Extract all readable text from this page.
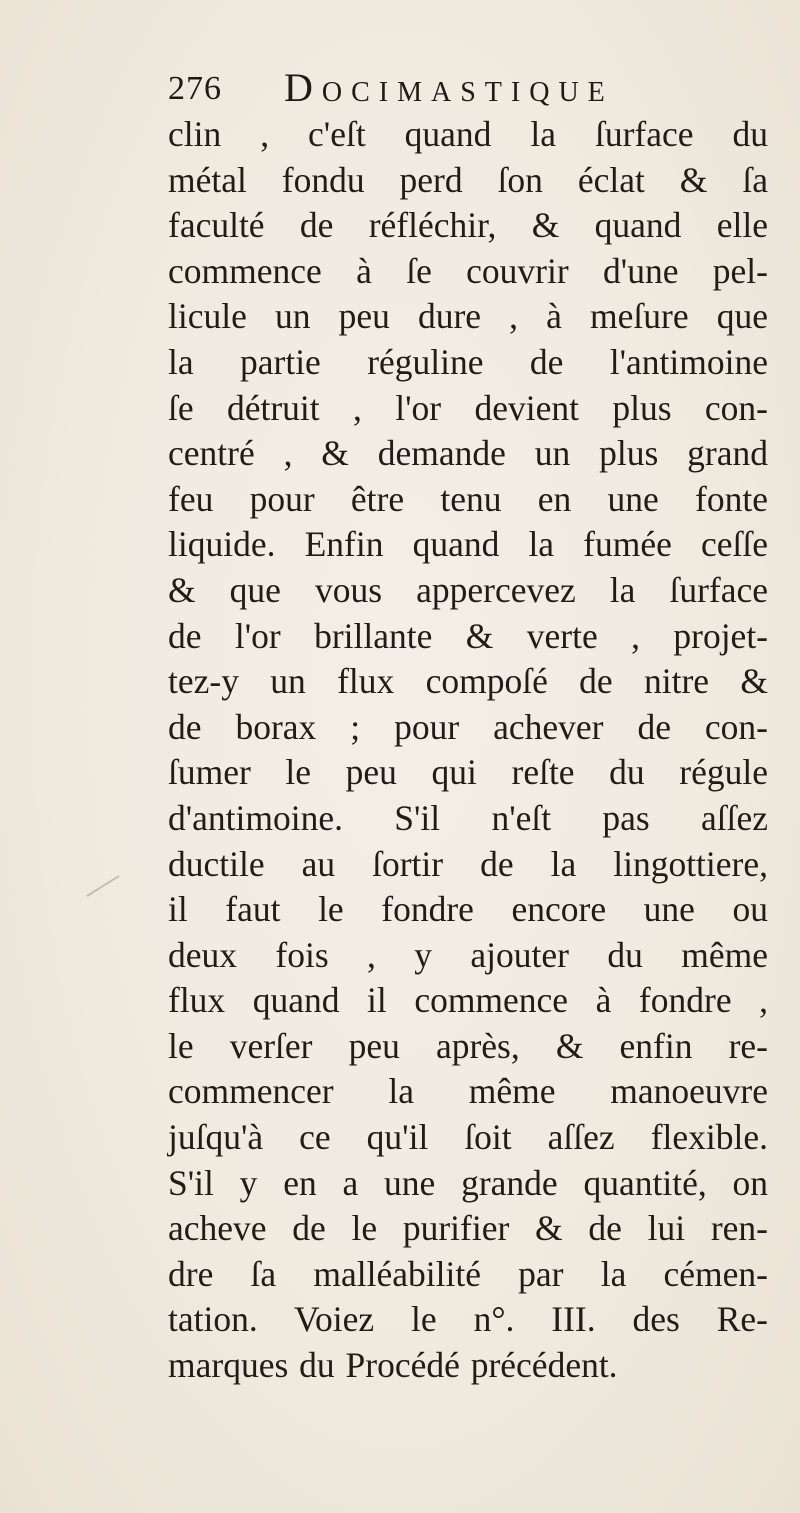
276 Docimastique
clin , c'eſt quand la ſurface du
métal fondu perd ſon éclat & ſa
faculté de réfléchir, & quand elle
commence à ſe couvrir d'une pel-
licule un peu dure , à meſure que
la partie réguline de l'antimoine
ſe détruit , l'or devient plus con-
centré , & demande un plus grand
feu pour être tenu en une fonte
liquide. Enfin quand la fumée ceſſe
& que vous appercevez la ſurface
de l'or brillante & verte , projet-
tez-y un flux compoſé de nitre &
de borax ; pour achever de con-
ſumer le peu qui reſte du régule
d'antimoine. S'il n'eſt pas aſſez
ductile au ſortir de la lingottiere,
il faut le fondre encore une ou
deux fois , y ajouter du même
flux quand il commence à fondre ,
le verſer peu après, & enfin re-
commencer la même manoeuvre
juſqu'à ce qu'il ſoit aſſez flexible.
S'il y en a une grande quantité, on
acheve de le purifier & de lui ren-
dre ſa malléabilité par la cémen-
tation. Voiez le n°. III. des Re-
marques du Procédé précédent.
